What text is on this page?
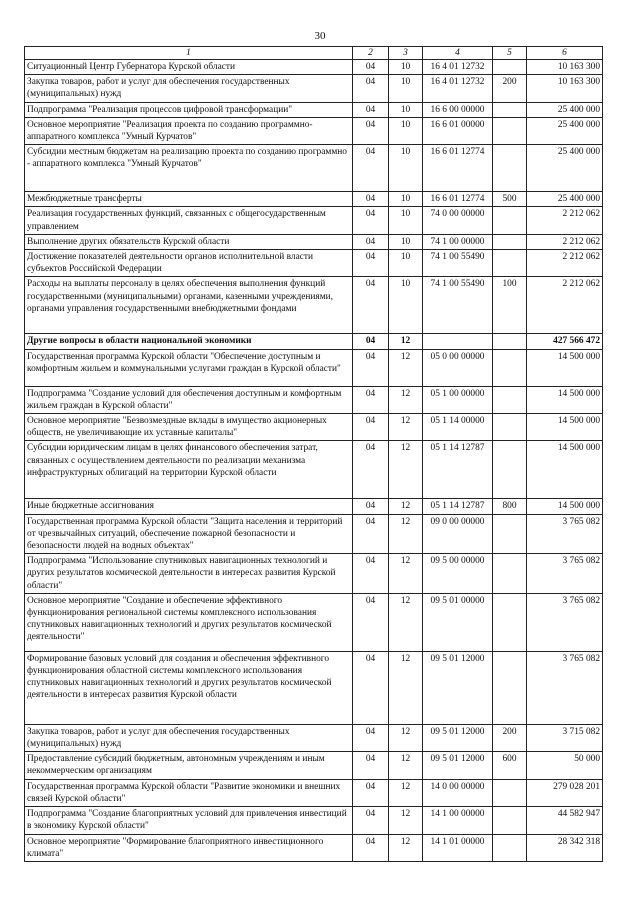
30
1	2	3	4	5	6
Ситуационный Центр Губернатора Курской области	04	10	16 4 01 12732		10 163 300
Закупка товаров, работ и услуг для обеспечения государственных (муниципальных) нужд	04	10	16 4 01 12732	200	10 163 300
Подпрограмма "Реализация процессов цифровой трансформации"	04	10	16 6 00 00000		25 400 000
Основное мероприятие "Реализация проекта по созданию программно-аппаратного комплекса "Умный Курчатов"	04	10	16 6 01 00000		25 400 000
Субсидии местным бюджетам на реализацию проекта по созданию программно - аппаратного комплекса "Умный Курчатов"	04	10	16 6 01 12774		25 400 000
Межбюджетные трансферты	04	10	16 6 01 12774	500	25 400 000
Реализация государственных функций, связанных с общегосударственным управлением	04	10	74 0 00 00000		2 212 062
Выполнение других обязательств Курской области	04	10	74 1 00 00000		2 212 062
Достижение показателей деятельности органов исполнительной власти субъектов Российской Федерации	04	10	74 1 00 55490		2 212 062
Расходы на выплаты персоналу в целях обеспечения выполнения функций государственными (муниципальными) органами, казенными учреждениями, органами управления государственными внебюджетными фондами	04	10	74 1 00 55490	100	2 212 062
Другие вопросы в области национальной экономики	04	12			427 566 472
Государственная программа Курской области "Обеспечение доступным и комфортным жильем и коммунальными услугами граждан в Курской области"	04	12	05 0 00 00000		14 500 000
Подпрограмма "Создание условий для обеспечения доступным и комфортным жильем граждан в Курской области"	04	12	05 1 00 00000		14 500 000
Основное мероприятие "Безвозмездные вклады в имущество акционерных обществ, не увеличивающие их уставные капиталы"	04	12	05 1 14 00000		14 500 000
Субсидии юридическим лицам в целях финансового обеспечения затрат, связанных с осуществлением деятельности по реализации механизма инфраструктурных облигаций на территории Курской области	04	12	05 1 14 12787		14 500 000
Иные бюджетные ассигнования	04	12	05 1 14 12787	800	14 500 000
Государственная программа Курской области "Защита населения и территорий от чрезвычайных ситуаций, обеспечение пожарной безопасности и безопасности людей на водных объектах"	04	12	09 0 00 00000		3 765 082
Подпрограмма "Использование спутниковых навигационных технологий и других результатов космической деятельности в интересах развития Курской области"	04	12	09 5 00 00000		3 765 082
Основное мероприятие "Создание и обеспечение эффективного функционирования региональной системы комплексного использования спутниковых навигационных технологий и других результатов космической деятельности"	04	12	09 5 01 00000		3 765 082
Формирование базовых условий для создания и обеспечения эффективного функционирования областной системы комплексного использования спутниковых навигационных технологий и других результатов космической деятельности в интересах развития Курской области	04	12	09 5 01 12000		3 765 082
Закупка товаров, работ и услуг для обеспечения государственных (муниципальных) нужд	04	12	09 5 01 12000	200	3 715 082
Предоставление субсидий бюджетным, автономным учреждениям и иным некоммерческим организациям	04	12	09 5 01 12000	600	50 000
Государственная программа Курской области "Развитие экономики и внешних связей Курской области"	04	12	14 0 00 00000		279 028 201
Подпрограмма "Создание благоприятных условий для привлечения инвестиций в экономику Курской области"	04	12	14 1 00 00000		44 582 947
Основное мероприятие "Формирование благоприятного инвестиционного климата"	04	12	14 1 01 00000		28 342 318
